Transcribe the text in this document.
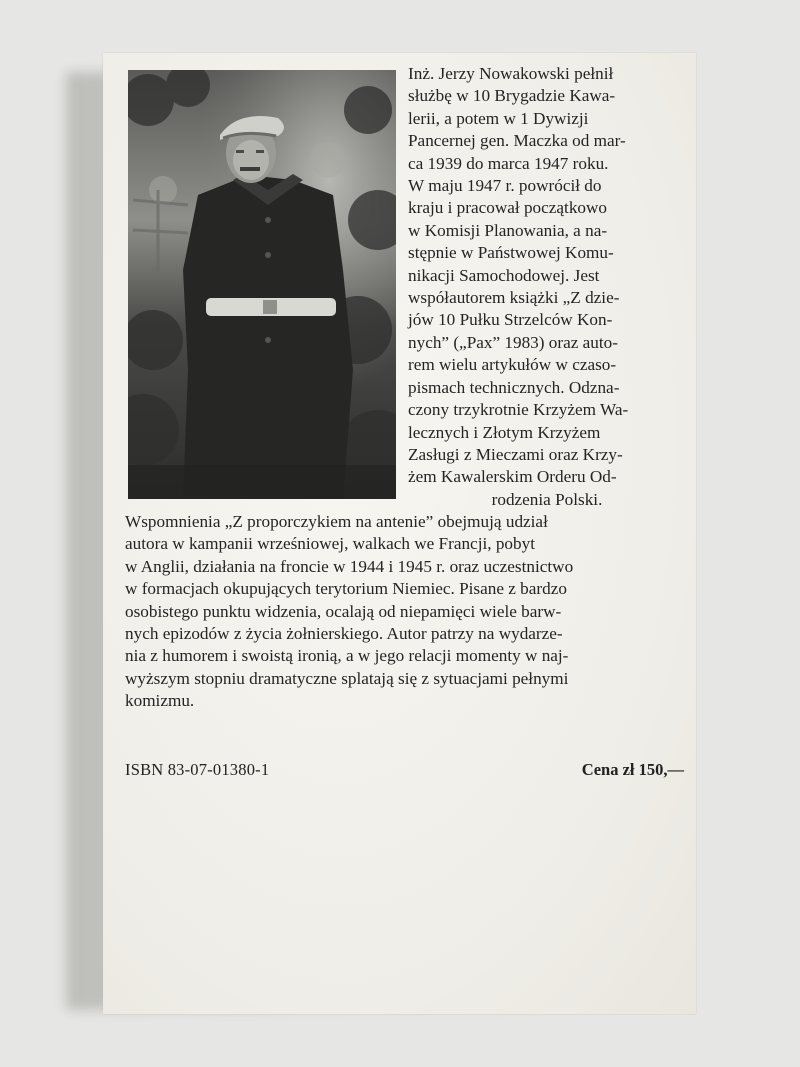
Inż. Jerzy Nowakowski pełnił
służbę w 10 Brygadzie Kawa-
lerii, a potem w 1 Dywizji
Pancernej gen. Maczka od mar-
ca 1939 do marca 1947 roku.
W maju 1947 r. powrócił do
kraju i pracował początkowo
w Komisji Planowania, a na-
stępnie w Państwowej Komu-
nikacji Samochodowej. Jest
współautorem książki „Z dzie-
jów 10 Pułku Strzelców Kon-
nych” („Pax” 1983) oraz auto-
rem wielu artykułów w czaso-
pismach technicznych. Odzna-
czony trzykrotnie Krzyżem Wa-
lecznych i Złotym Krzyżem
Zasługi z Mieczami oraz Krzy-
żem Kawalerskim Orderu Od-
rodzenia Polski.
Wspomnienia „Z proporczykiem na antenie” obejmują udział
autora w kampanii wrześniowej, walkach we Francji, pobyt
w Anglii, działania na froncie w 1944 i 1945 r. oraz uczestnictwo
w formacjach okupujących terytorium Niemiec. Pisane z bardzo
osobistego punktu widzenia, ocalają od niepamięci wiele barw-
nych epizodów z życia żołnierskiego. Autor patrzy na wydarze-
nia z humorem i swoistą ironią, a w jego relacji momenty w naj-
wyższym stopniu dramatyczne splatają się z sytuacjami pełnymi
komizmu.
ISBN 83-07-01380-1	Cena zł 150,—
